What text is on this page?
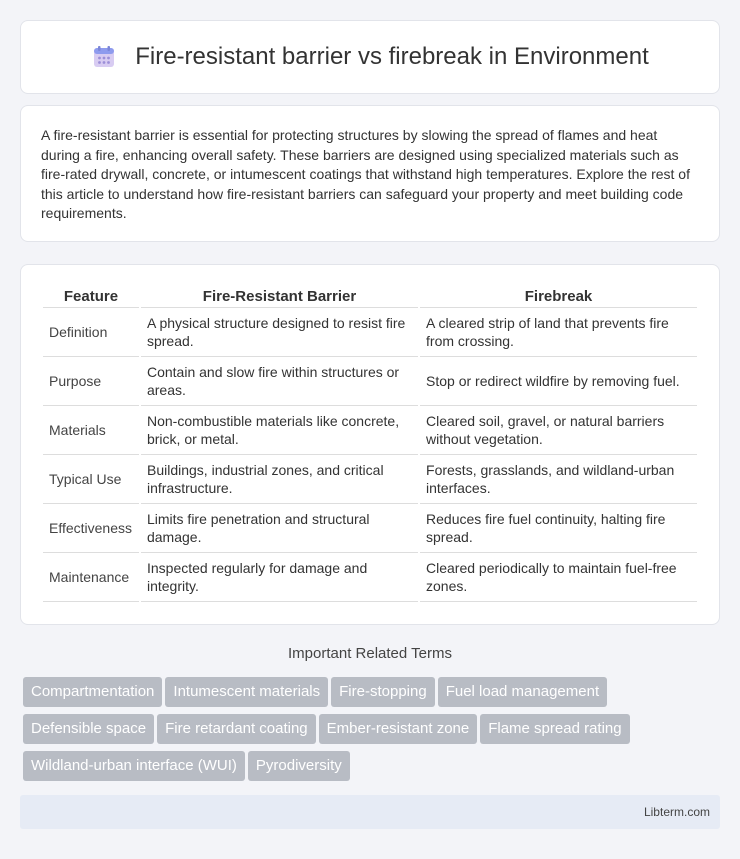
Fire-resistant barrier vs firebreak in Environment

A fire-resistant barrier is essential for protecting structures by slowing the spread of flames and heat during a fire, enhancing overall safety. These barriers are designed using specialized materials such as fire-rated drywall, concrete, or intumescent coatings that withstand high temperatures. Explore the rest of this article to understand how fire-resistant barriers can safeguard your property and meet building code requirements.

Feature	Fire-Resistant Barrier	Firebreak
Definition	A physical structure designed to resist fire spread.	A cleared strip of land that prevents fire from crossing.
Purpose	Contain and slow fire within structures or areas.	Stop or redirect wildfire by removing fuel.
Materials	Non-combustible materials like concrete, brick, or metal.	Cleared soil, gravel, or natural barriers without vegetation.
Typical Use	Buildings, industrial zones, and critical infrastructure.	Forests, grasslands, and wildland-urban interfaces.
Effectiveness	Limits fire penetration and structural damage.	Reduces fire fuel continuity, halting fire spread.
Maintenance	Inspected regularly for damage and integrity.	Cleared periodically to maintain fuel-free zones.
Important Related Terms
Compartmentation Intumescent materials Fire-stopping Fuel load management
Defensible space Fire retardant coating Ember-resistant zone Flame spread rating
Wildland-urban interface (WUI) Pyrodiversity
Libterm.com
